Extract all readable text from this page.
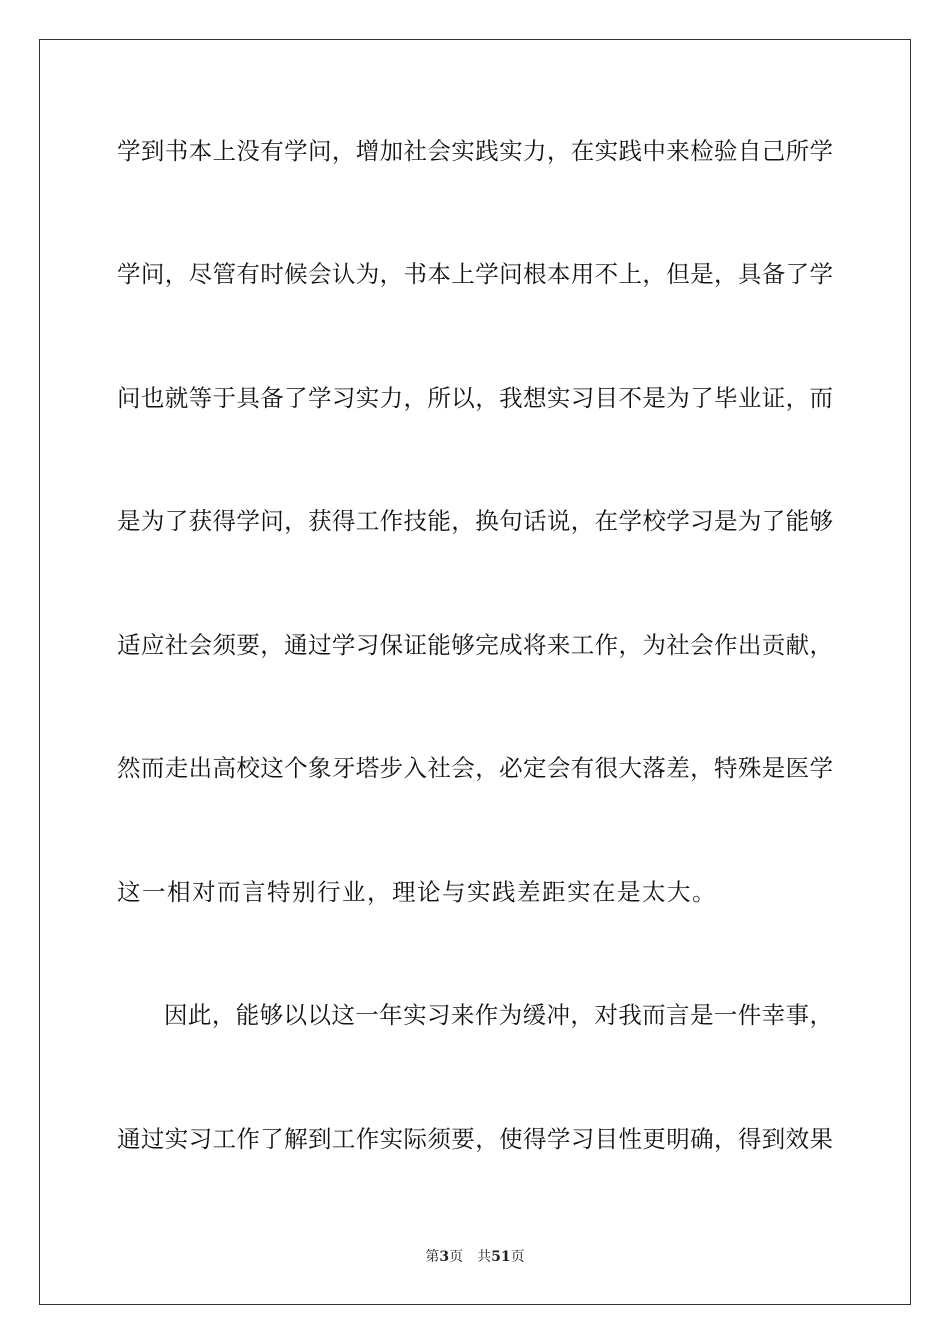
学到书本上没有学问，增加社会实践实力，在实践中来检验自己所学
学问，尽管有时候会认为，书本上学问根本用不上，但是，具备了学
问也就等于具备了学习实力，所以，我想实习目不是为了毕业证，而
是为了获得学问，获得工作技能，换句话说，在学校学习是为了能够
适应社会须要，通过学习保证能够完成将来工作，为社会作出贡献，
然而走出高校这个象牙塔步入社会，必定会有很大落差，特殊是医学
这一相对而言特别行业，理论与实践差距实在是太大。
因此，能够以以这一年实习来作为缓冲，对我而言是一件幸事，
通过实习工作了解到工作实际须要，使得学习目性更明确，得到效果
第3页 共51页
